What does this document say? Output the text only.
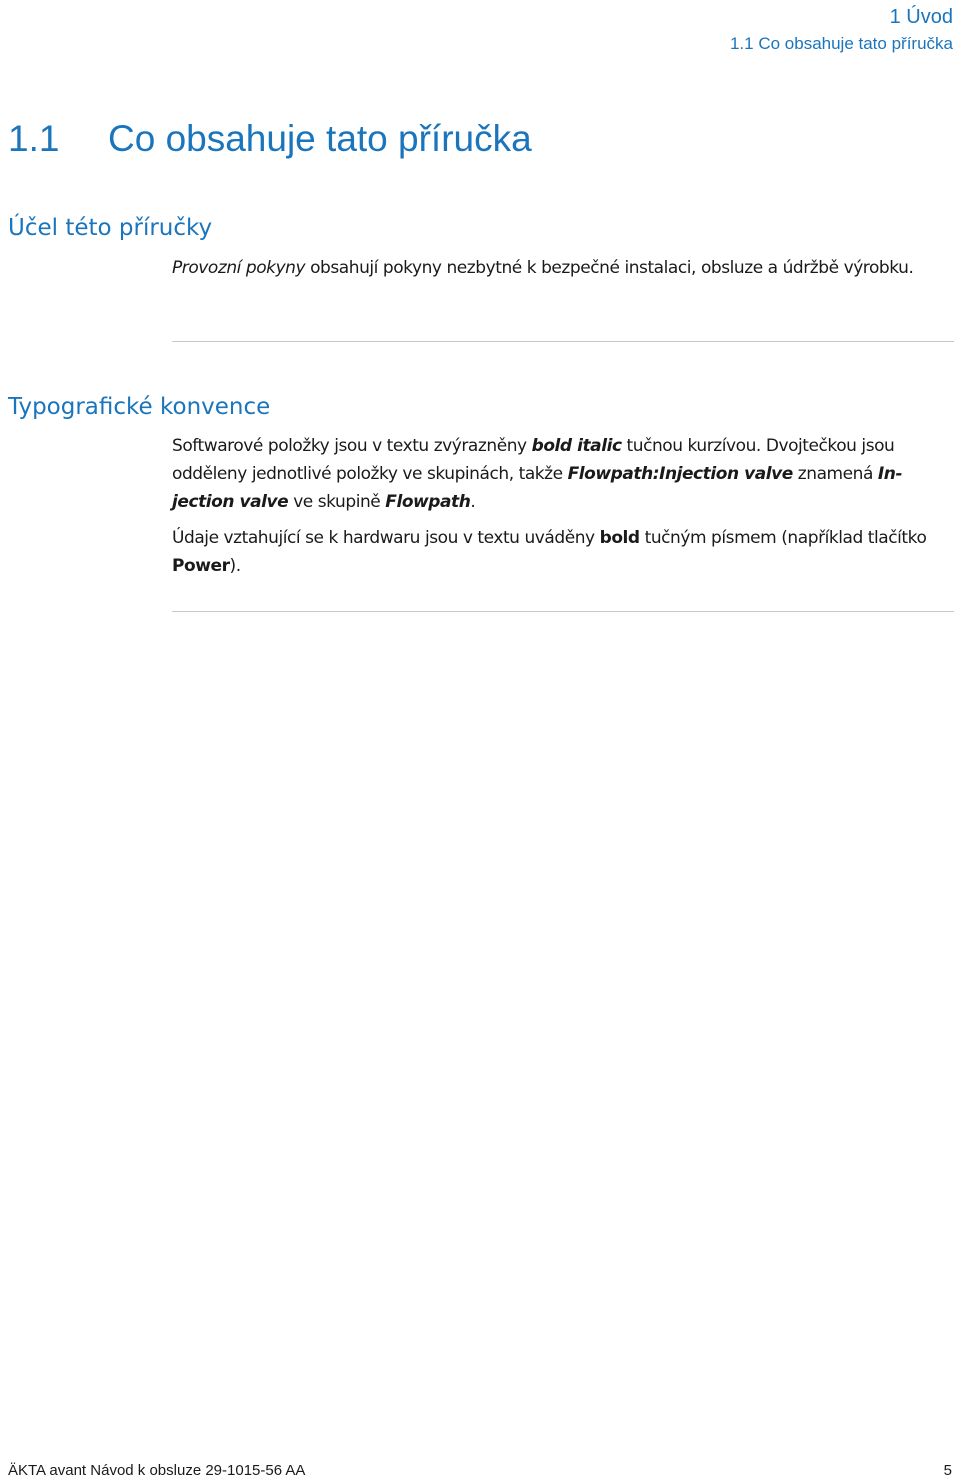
1 Úvod
1.1 Co obsahuje tato příručka
1.1 Co obsahuje tato příručka
Účel této příručky

Provozní pokyny obsahují pokyny nezbytné k bezpečné instalaci, obsluze a údržbě výrobku.

Typografické konvence

Softwarové položky jsou v textu zvýrazněny bold italic tučnou kurzívou. Dvojtečkou jsou odděleny jednotlivé položky ve skupinách, takže Flowpath:Injection valve znamená Injection valve ve skupině Flowpath.

Údaje vztahující se k hardwaru jsou v textu uváděny bold tučným písmem (například tlačítko Power).

ÄKTA avant Návod k obsluze 29-1015-56 AA	5
